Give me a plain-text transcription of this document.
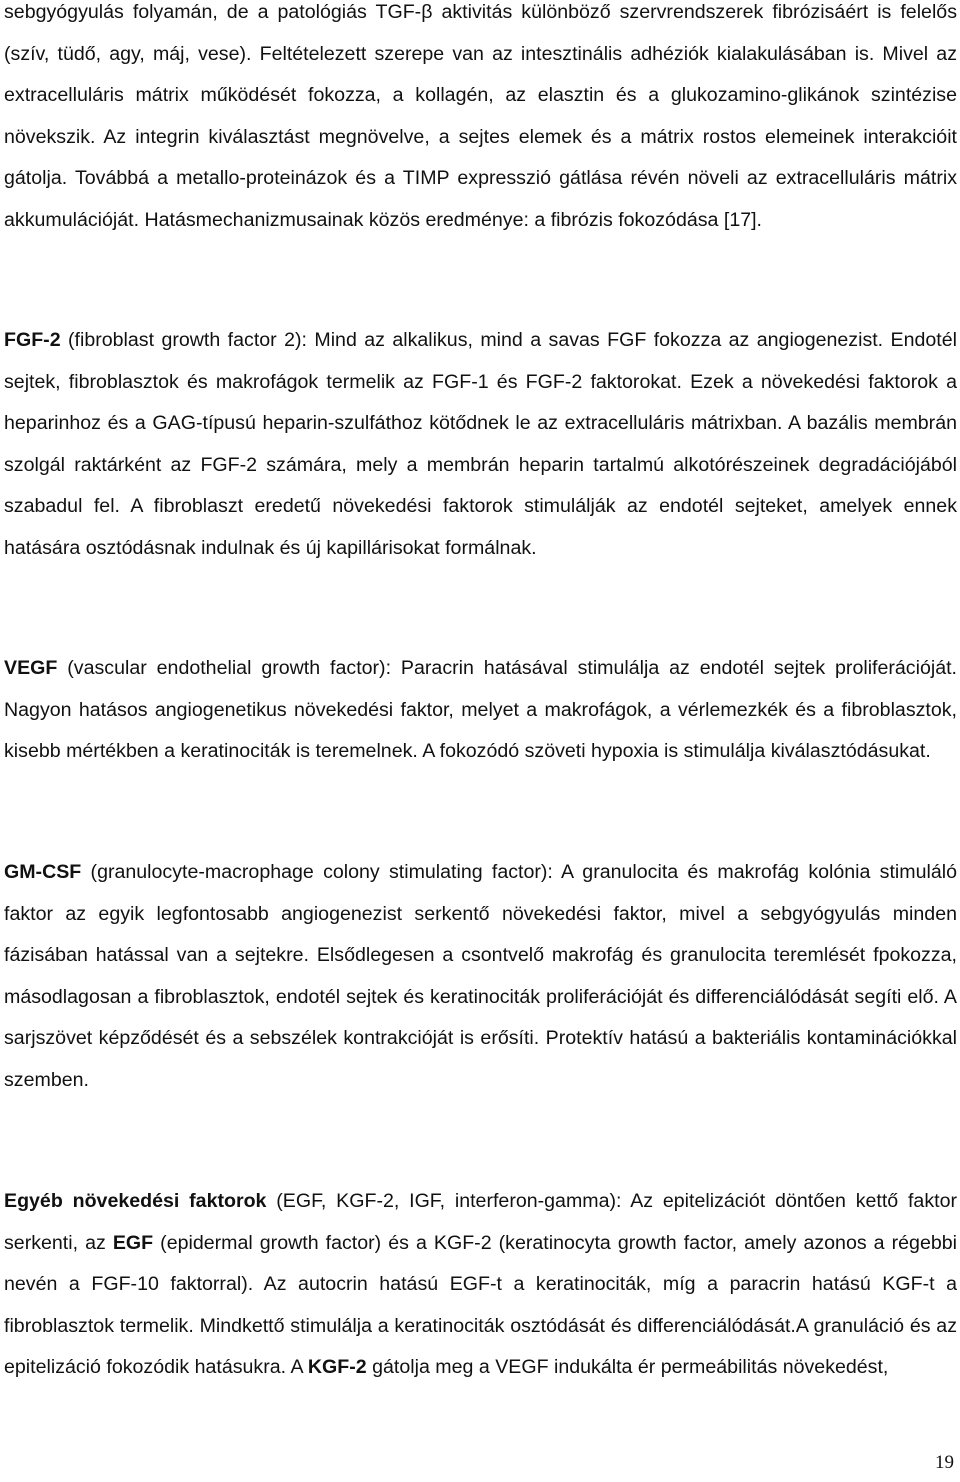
sebgyógyulás folyamán, de a patológiás TGF-β aktivitás különböző szervrendszerek fibrózisáért is felelős (szív, tüdő, agy, máj, vese). Feltételezett szerepe van az intesztinális adhéziók kialakulásában is. Mivel az extracelluláris mátrix működését fokozza, a kollagén, az elasztin és a glukozamino-glikánok szintézise növekszik. Az integrin kiválasztást megnövelve, a sejtes elemek és a mátrix rostos elemeinek interakcióit gátolja. Továbbá a metallo-proteinázok és a TIMP expresszió gátlása révén növeli az extracelluláris mátrix akkumulációját. Hatásmechanizmusainak közös eredménye: a fibrózis fokozódása [17].

FGF-2 (fibroblast growth factor 2): Mind az alkalikus, mind a savas FGF fokozza az angiogenezist. Endotél sejtek, fibroblasztok és makrofágok termelik az FGF-1 és FGF-2 faktorokat. Ezek a növekedési faktorok a heparinhoz és a GAG-típusú heparin-szulfáthoz kötődnek le az extracelluláris mátrixban. A bazális membrán szolgál raktárként az FGF-2 számára, mely a membrán heparin tartalmú alkotórészeinek degradációjából szabadul fel. A fibroblaszt eredetű növekedési faktorok stimulálják az endotél sejteket, amelyek ennek hatására osztódásnak indulnak és új kapillárisokat formálnak.

VEGF (vascular endothelial growth factor): Paracrin hatásával stimulálja az endotél sejtek proliferációját. Nagyon hatásos angiogenetikus növekedési faktor, melyet a makrofágok, a vérlemezkék és a fibroblasztok, kisebb mértékben a keratinociták is teremelnek. A fokozódó szöveti hypoxia is stimulálja kiválasztódásukat.

GM-CSF (granulocyte-macrophage colony stimulating factor): A granulocita és makrofág kolónia stimuláló faktor az egyik legfontosabb angiogenezist serkentő növekedési faktor, mivel a sebgyógyulás minden fázisában hatással van a sejtekre. Elsődlegesen a csontvelő makrofág és granulocita teremlését fpokozza, másodlagosan a fibroblasztok, endotél sejtek és keratinociták proliferációját és differenciálódását segíti elő. A sarjszövet képződését és a sebszélek kontrakcióját is erősíti. Protektív hatású a bakteriális kontaminációkkal szemben.

Egyéb növekedési faktorok (EGF, KGF-2, IGF, interferon-gamma): Az epitelizációt döntően kettő faktor serkenti, az EGF (epidermal growth factor) és a KGF-2 (keratinocyta growth factor, amely azonos a régebbi nevén a FGF-10 faktorral). Az autocrin hatású EGF-t a keratinociták, míg a paracrin hatású KGF-t a fibroblasztok termelik. Mindkettő stimulálja a keratinociták osztódását és differenciálódását.A granuláció és az epitelizáció fokozódik hatásukra. A KGF-2 gátolja meg a VEGF indukálta ér permeábilitás növekedést,

19
